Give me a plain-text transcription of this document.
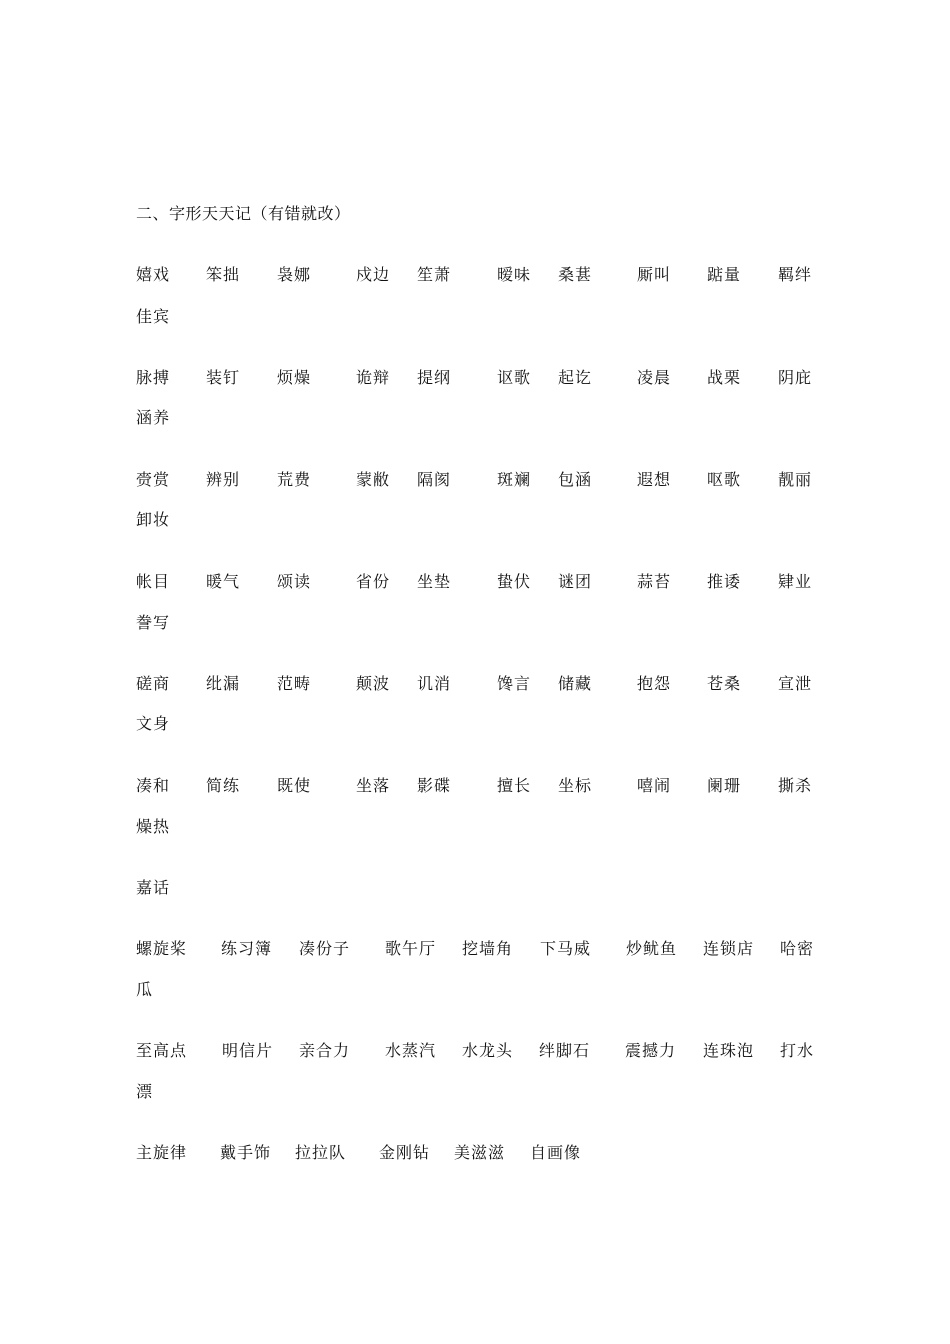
二、字形天天记（有错就改）
嬉戏 笨拙 袅娜	戍边 笙萧	暧味 桑葚	厮叫 踮量 羁绊
佳宾
脉搏 装钉 烦燥	诡辩 提纲	讴歌 起讫	凌晨 战栗 阴庇
涵养
赍赏 辨别 荒费	蒙敝 隔阂	斑斓 包涵	遐想 呕歌 靓丽
卸妆
帐目 暖气 颂读	省份 坐垫	蛰伏 谜团	蒜苔 推诿 肄业
誊写
磋商 纰漏 范畴	颠波 讥消	馋言 储藏	抱怨 苍桑 宣泄
文身
凑和 简练 既使	坐落 影碟	擅长 坐标	嘻闹 阑珊 撕杀
燥热
嘉话
螺旋桨 练习簿 凑份子 歌午厅 挖墙角 下马威 炒鱿鱼 连锁店 哈密
瓜
至高点 明信片 亲合力 水蒸汽 水龙头 绊脚石 震撼力 连珠泡 打水
漂
主旋律 戴手饰 拉拉队 金刚钻 美滋滋 自画像
